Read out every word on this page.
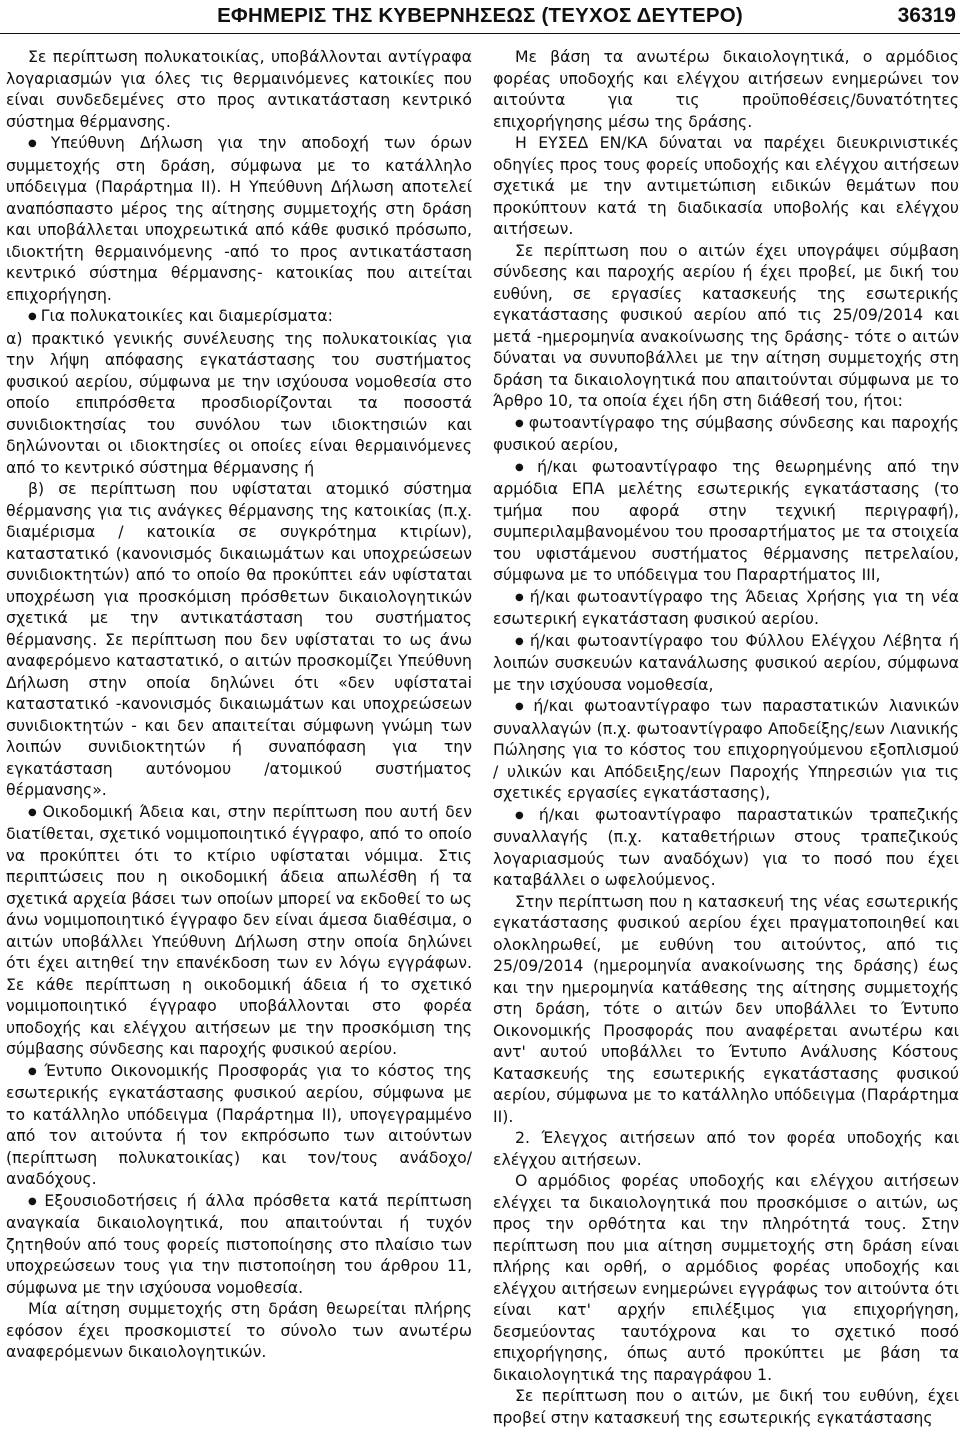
ΕΦΗΜΕΡΙΣ ΤΗΣ ΚΥΒΕΡΝΗΣΕΩΣ (ΤΕΥΧΟΣ ΔΕΥΤΕΡΟ)	36319

Σε περίπτωση πολυκατοικίας, υποβάλλονται αντίγραφα λογαριασμών για όλες τις θερμαινόμενες κατοικίες που είναι συνδεδεμένες στο προς αντικατάσταση κεντρικό σύστημα θέρμανσης.

● Υπεύθυνη Δήλωση για την αποδοχή των όρων συμμετοχής στη δράση, σύμφωνα με το κατάλληλο υπόδειγμα (Παράρτημα ΙΙ). Η Υπεύθυνη Δήλωση αποτελεί αναπόσπαστο μέρος της αίτησης συμμετοχής στη δράση και υποβάλλεται υποχρεωτικά από κάθε φυσικό πρόσωπο, ιδιοκτήτη θερμαινόμενης -από το προς αντικατάσταση κεντρικό σύστημα θέρμανσης- κατοικίας που αιτείται επιχορήγηση.

● Για πολυκατοικίες και διαμερίσματα:

α) πρακτικό γενικής συνέλευσης της πολυκατοικίας για την λήψη απόφασης εγκατάστασης του συστήματος φυσικού αερίου, σύμφωνα με την ισχύουσα νομοθεσία στο οποίο επιπρόσθετα προσδιορίζονται τα ποσοστά συνιδιοκτησίας του συνόλου των ιδιοκτησιών και δηλώνονται οι ιδιοκτησίες οι οποίες είναι θερμαινόμενες από το κεντρικό σύστημα θέρμανσης ή

β) σε περίπτωση που υφίσταται ατομικό σύστημα θέρμανσης για τις ανάγκες θέρμανσης της κατοικίας (π.χ. διαμέρισμα / κατοικία σε συγκρότημα κτιρίων), καταστατικό (κανονισμός δικαιωμάτων και υποχρεώσεων συνιδιοκτητών) από το οποίο θα προκύπτει εάν υφίσταται υποχρέωση για προσκόμιση πρόσθετων δικαιολογητικών σχετικά με την αντικατάσταση του συστήματος θέρμανσης. Σε περίπτωση που δεν υφίσταται το ως άνω αναφερόμενο καταστατικό, ο αιτών προσκομίζει Υπεύθυνη Δήλωση στην οποία δηλώνει ότι «δεν υφίστατai καταστατικό -κανονισμός δικαιωμάτων και υποχρεώσεων συνιδιοκτητών - και δεν απαιτείται σύμφωνη γνώμη των λοιπών συνιδιοκτητών ή συναπόφαση για την εγκατάσταση αυτόνομου /ατομικού συστήματος θέρμανσης».

● Οικοδομική Άδεια και, στην περίπτωση που αυτή δεν διατίθεται, σχετικό νομιμοποιητικό έγγραφο, από το οποίο να προκύπτει ότι το κτίριο υφίσταται νόμιμα. Στις περιπτώσεις που η οικοδομική άδεια απωλέσθη ή τα σχετικά αρχεία βάσει των οποίων μπορεί να εκδοθεί το ως άνω νομιμοποιητικό έγγραφο δεν είναι άμεσα διαθέσιμα, ο αιτών υποβάλλει Υπεύθυνη Δήλωση στην οποία δηλώνει ότι έχει αιτηθεί την επανέκδοση των εν λόγω εγγράφων. Σε κάθε περίπτωση η οικοδομική άδεια ή το σχετικό νομιμοποιητικό έγγραφο υποβάλλονται στο φορέα υποδοχής και ελέγχου αιτήσεων με την προσκόμιση της σύμβασης σύνδεσης και παροχής φυσικού αερίου.

● Έντυπο Οικονομικής Προσφοράς για το κόστος της εσωτερικής εγκατάστασης φυσικού αερίου, σύμφωνα με το κατάλληλο υπόδειγμα (Παράρτημα ΙΙ), υπογεγραμμένο από τον αιτούντα ή τον εκπρόσωπο των αιτούντων (περίπτωση πολυκατοικίας) και τον/τους ανάδοχο/αναδόχους.

● Εξουσιοδοτήσεις ή άλλα πρόσθετα κατά περίπτωση αναγκαία δικαιολογητικά, που απαιτούνται ή τυχόν ζητηθούν από τους φορείς πιστοποίησης στο πλαίσιο των υποχρεώσεων τους για την πιστοποίηση του άρθρου 11, σύμφωνα με την ισχύουσα νομοθεσία.

Μία αίτηση συμμετοχής στη δράση θεωρείται πλήρης εφόσον έχει προσκομιστεί το σύνολο των ανωτέρω αναφερόμενων δικαιολογητικών.

Με βάση τα ανωτέρω δικαιολογητικά, ο αρμόδιος φορέας υποδοχής και ελέγχου αιτήσεων ενημερώνει τον αιτούντα για τις προϋποθέσεις/δυνατότητες επιχορήγησης μέσω της δράσης.

Η ΕΥΣΕΔ ΕΝ/ΚΑ δύναται να παρέχει διευκρινιστικές οδηγίες προς τους φορείς υποδοχής και ελέγχου αιτήσεων σχετικά με την αντιμετώπιση ειδικών θεμάτων που προκύπτουν κατά τη διαδικασία υποβολής και ελέγχου αιτήσεων.

Σε περίπτωση που ο αιτών έχει υπογράψει σύμβαση σύνδεσης και παροχής αερίου ή έχει προβεί, με δική του ευθύνη, σε εργασίες κατασκευής της εσωτερικής εγκατάστασης φυσικού αερίου από τις 25/09/2014 και μετά -ημερομηνία ανακοίνωσης της δράσης- τότε ο αιτών δύναται να συνυποβάλλει με την αίτηση συμμετοχής στη δράση τα δικαιολογητικά που απαιτούνται σύμφωνα με το Άρθρο 10, τα οποία έχει ήδη στη διάθεσή του, ήτοι:

● φωτοαντίγραφο της σύμβασης σύνδεσης και παροχής φυσικού αερίου,

● ή/και φωτοαντίγραφο της θεωρημένης από την αρμόδια ΕΠΑ μελέτης εσωτερικής εγκατάστασης (το τμήμα που αφορά στην τεχνική περιγραφή), συμπεριλαμβανομένου του προσαρτήματος με τα στοιχεία του υφιστάμενου συστήματος θέρμανσης πετρελαίου, σύμφωνα με το υπόδειγμα του Παραρτήματος ΙΙΙ,

● ή/και φωτοαντίγραφο της Άδειας Χρήσης για τη νέα εσωτερική εγκατάσταση φυσικού αερίου.

● ή/και φωτοαντίγραφο του Φύλλου Ελέγχου Λέβητα ή λοιπών συσκευών κατανάλωσης φυσικού αερίου, σύμφωνα με την ισχύουσα νομοθεσία,

● ή/και φωτοαντίγραφο των παραστατικών λιανικών συναλλαγών (π.χ. φωτοαντίγραφο Αποδείξης/εων Λιανικής Πώλησης για το κόστος του επιχορηγούμενου εξοπλισμού / υλικών και Απόδειξης/εων Παροχής Υπηρεσιών για τις σχετικές εργασίες εγκατάστασης),

● ή/και φωτοαντίγραφο παραστατικών τραπεζικής συναλλαγής (π.χ. καταθετήριων στους τραπεζικούς λογαριασμούς των αναδόχων) για το ποσό που έχει καταβάλλει ο ωφελούμενος.

Στην περίπτωση που η κατασκευή της νέας εσωτερικής εγκατάστασης φυσικού αερίου έχει πραγματοποιηθεί και ολοκληρωθεί, με ευθύνη του αιτούντος, από τις 25/09/2014 (ημερομηνία ανακοίνωσης της δράσης) έως και την ημερομηνία κατάθεσης της αίτησης συμμετοχής στη δράση, τότε ο αιτών δεν υποβάλλει το Έντυπο Οικονομικής Προσφοράς που αναφέρεται ανωτέρω και αντ' αυτού υποβάλλει το Έντυπο Ανάλυσης Κόστους Κατασκευής της εσωτερικής εγκατάστασης φυσικού αερίου, σύμφωνα με το κατάλληλο υπόδειγμα (Παράρτημα ΙΙ).

2. Έλεγχος αιτήσεων από τον φορέα υποδοχής και ελέγχου αιτήσεων.

Ο αρμόδιος φορέας υποδοχής και ελέγχου αιτήσεων ελέγχει τα δικαιολογητικά που προσκόμισε ο αιτών, ως προς την ορθότητα και την πληρότητά τους. Στην περίπτωση που μια αίτηση συμμετοχής στη δράση είναι πλήρης και ορθή, ο αρμόδιος φορέας υποδοχής και ελέγχου αιτήσεων ενημερώνει εγγράφως τον αιτούντα ότι είναι κατ' αρχήν επιλέξιμος για επιχορήγηση, δεσμεύοντας ταυτόχρονα και το σχετικό ποσό επιχορήγησης, όπως αυτό προκύπτει με βάση τα δικαιολογητικά της παραγράφου 1.

Σε περίπτωση που ο αιτών, με δική του ευθύνη, έχει προβεί στην κατασκευή της εσωτερικής εγκατάστασης
